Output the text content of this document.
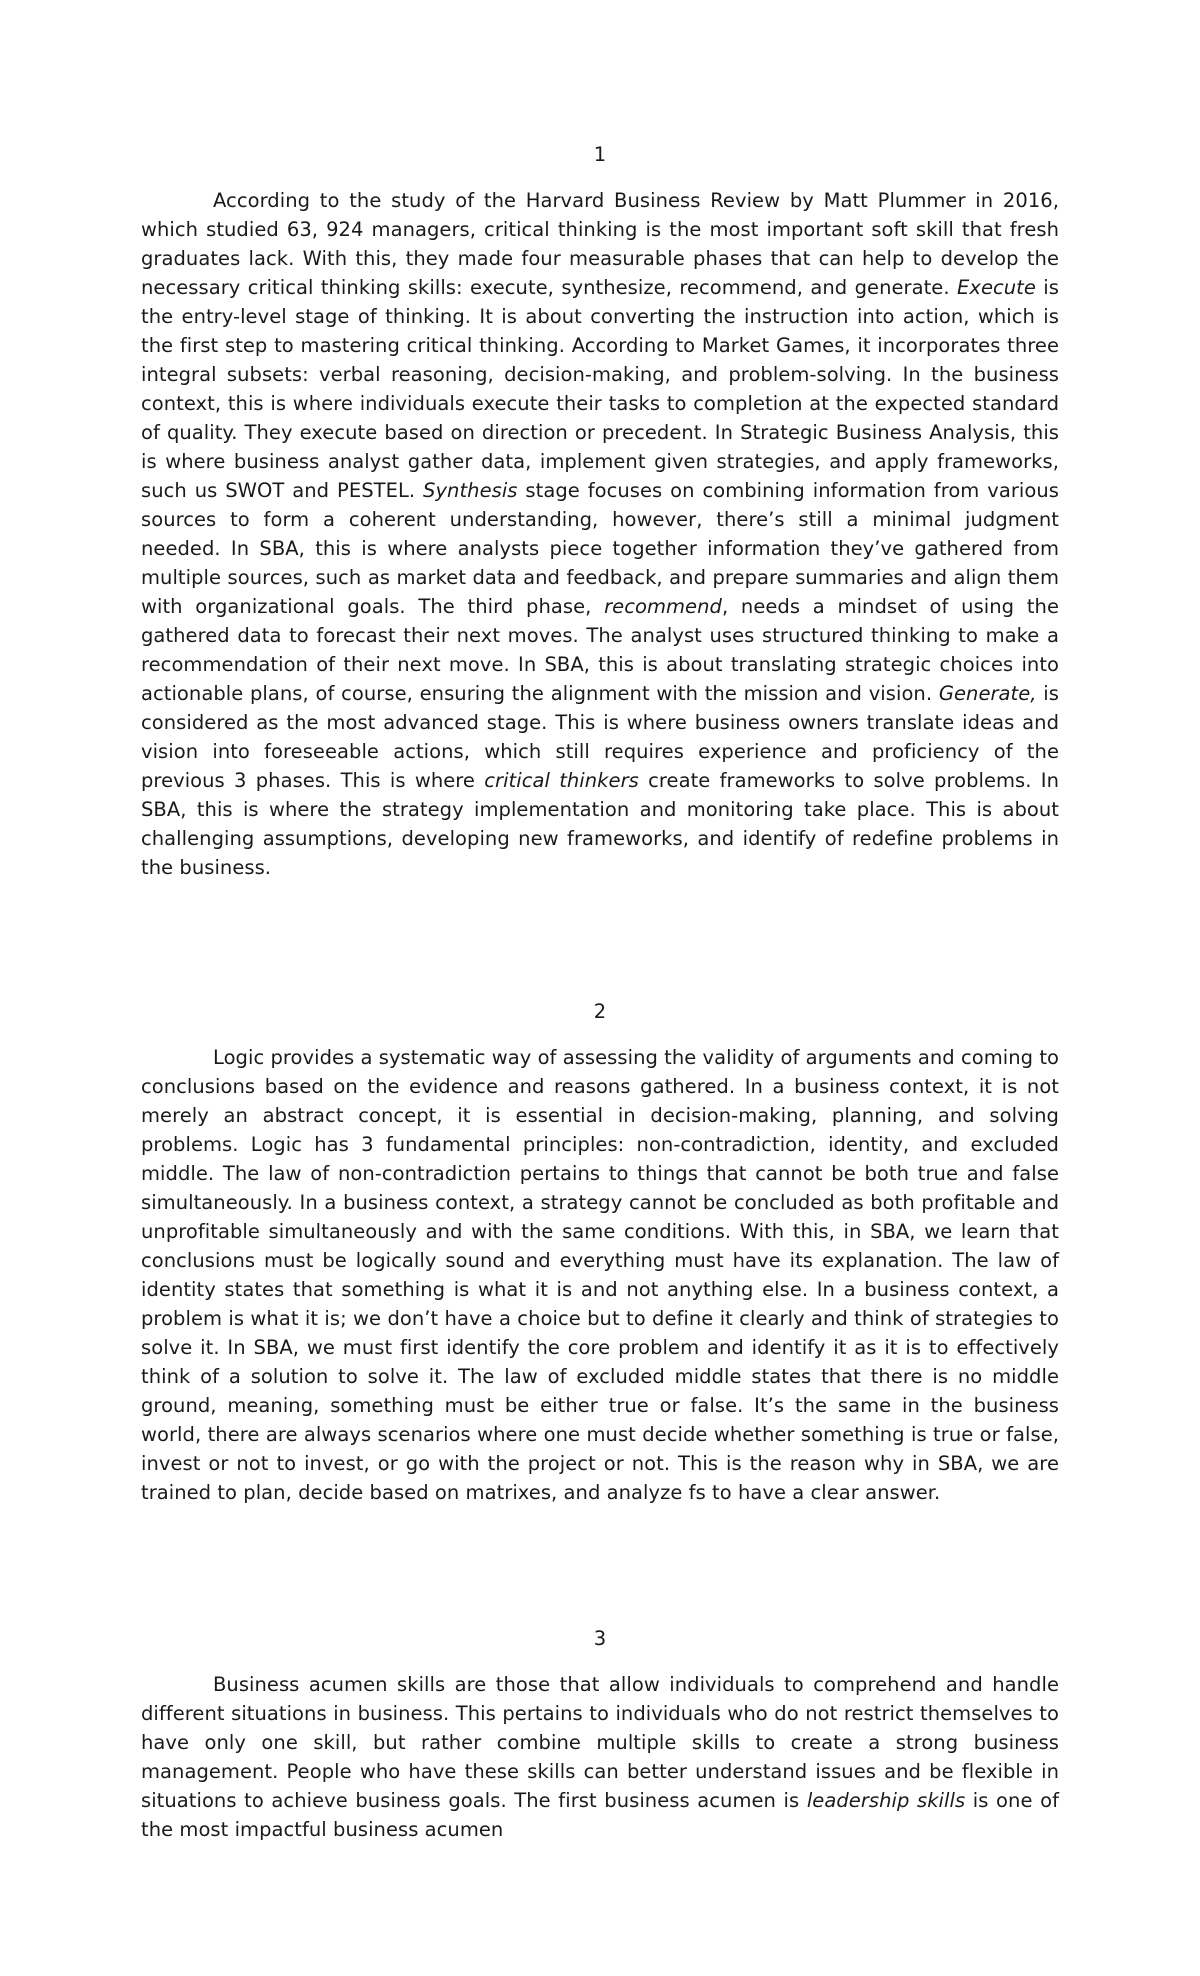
1

According to the study of the Harvard Business Review by Matt Plummer in 2016, which studied 63, 924 managers, critical thinking is the most important soft skill that fresh graduates lack. With this, they made four measurable phases that can help to develop the necessary critical thinking skills: execute, synthesize, recommend, and generate. Execute is the entry-level stage of thinking. It is about converting the instruction into action, which is the first step to mastering critical thinking. According to Market Games, it incorporates three integral subsets: verbal reasoning, decision-making, and problem-solving. In the business context, this is where individuals execute their tasks to completion at the expected standard of quality. They execute based on direction or precedent. In Strategic Business Analysis, this is where business analyst gather data, implement given strategies, and apply frameworks, such us SWOT and PESTEL. Synthesis stage focuses on combining information from various sources to form a coherent understanding, however, there’s still a minimal judgment needed. In SBA, this is where analysts piece together information they’ve gathered from multiple sources, such as market data and feedback, and prepare summaries and align them with organizational goals. The third phase, recommend, needs a mindset of using the gathered data to forecast their next moves. The analyst uses structured thinking to make a recommendation of their next move. In SBA, this is about translating strategic choices into actionable plans, of course, ensuring the alignment with the mission and vision. Generate, is considered as the most advanced stage. This is where business owners translate ideas and vision into foreseeable actions, which still requires experience and proficiency of the previous 3 phases. This is where critical thinkers create frameworks to solve problems. In SBA, this is where the strategy implementation and monitoring take place. This is about challenging assumptions, developing new frameworks, and identify of redefine problems in the business.

2

Logic provides a systematic way of assessing the validity of arguments and coming to conclusions based on the evidence and reasons gathered. In a business context, it is not merely an abstract concept, it is essential in decision-making, planning, and solving problems. Logic has 3 fundamental principles: non-contradiction, identity, and excluded middle. The law of non-contradiction pertains to things that cannot be both true and false simultaneously. In a business context, a strategy cannot be concluded as both profitable and unprofitable simultaneously and with the same conditions. With this, in SBA, we learn that conclusions must be logically sound and everything must have its explanation. The law of identity states that something is what it is and not anything else. In a business context, a problem is what it is; we don’t have a choice but to define it clearly and think of strategies to solve it. In SBA, we must first identify the core problem and identify it as it is to effectively think of a solution to solve it. The law of excluded middle states that there is no middle ground, meaning, something must be either true or false. It’s the same in the business world, there are always scenarios where one must decide whether something is true or false, invest or not to invest, or go with the project or not. This is the reason why in SBA, we are trained to plan, decide based on matrixes, and analyze fs to have a clear answer.

3

Business acumen skills are those that allow individuals to comprehend and handle different situations in business. This pertains to individuals who do not restrict themselves to have only one skill, but rather combine multiple skills to create a strong business management. People who have these skills can better understand issues and be flexible in situations to achieve business goals. The first business acumen is leadership skills is one of the most impactful business acumen
